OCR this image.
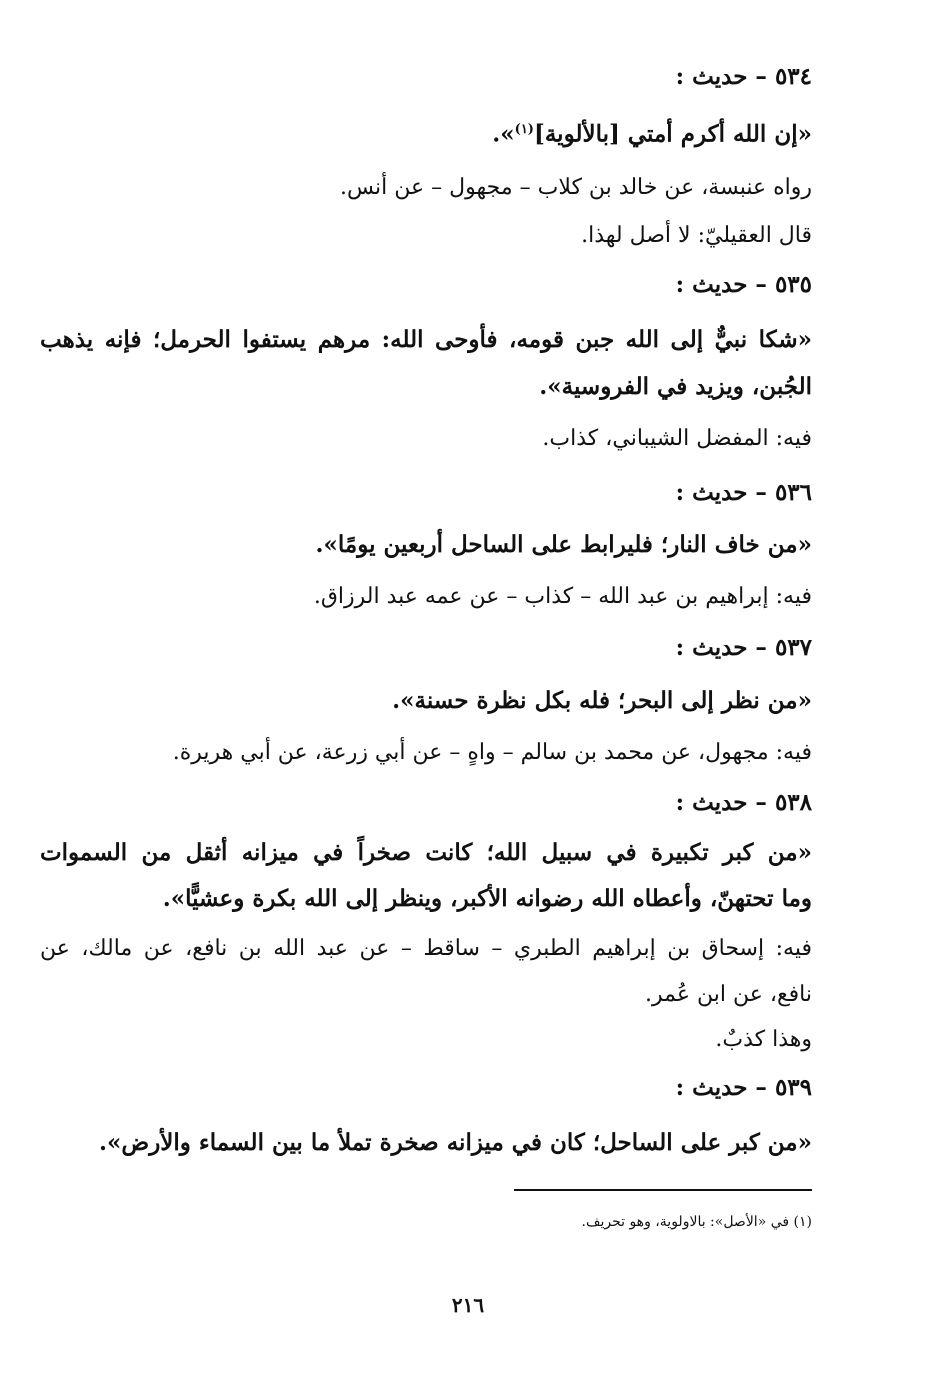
٥٣٤ – حديث :
«إن الله أكرم أمتي [بالألوية]$^{(١)}$».
رواه عنبسة، عن خالد بن كلاب – مجهول – عن أنس.
قال العقيليّ: لا أصل لهذا.
٥٣٥ – حديث :
«شكا نبيٌّ إلى الله جبن قومه، فأوحى الله: مرهم يستفوا الحرمل؛ فإنه يذهب
الجُبن، ويزيد في الفروسية».
فيه: المفضل الشيباني، كذاب.
٥٣٦ – حديث :
«من خاف النار؛ فليرابط على الساحل أربعين يومًا».
فيه: إبراهيم بن عبد الله – كذاب – عن عمه عبد الرزاق.
٥٣٧ – حديث :
«من نظر إلى البحر؛ فله بكل نظرة حسنة».
فيه: مجهول، عن محمد بن سالم – واهٍ – عن أبي زرعة، عن أبي هريرة.
٥٣٨ – حديث :
«من كبر تكبيرة في سبيل الله؛ كانت صخراً في ميزانه أثقل من السموات
وما تحتهنّ، وأعطاه الله رضوانه الأكبر، وينظر إلى الله بكرة وعشيًّا».
فيه: إسحاق بن إبراهيم الطبري – ساقط – عن عبد الله بن نافع، عن مالك، عن
نافع، عن ابن عُمر.
وهذا كذبٌ.
٥٣٩ – حديث :
«من كبر على الساحل؛ كان في ميزانه صخرة تملأ ما بين السماء والأرض».
(١) في «الأصل»: بالاولوية، وهو تحريف.
٢١٦
